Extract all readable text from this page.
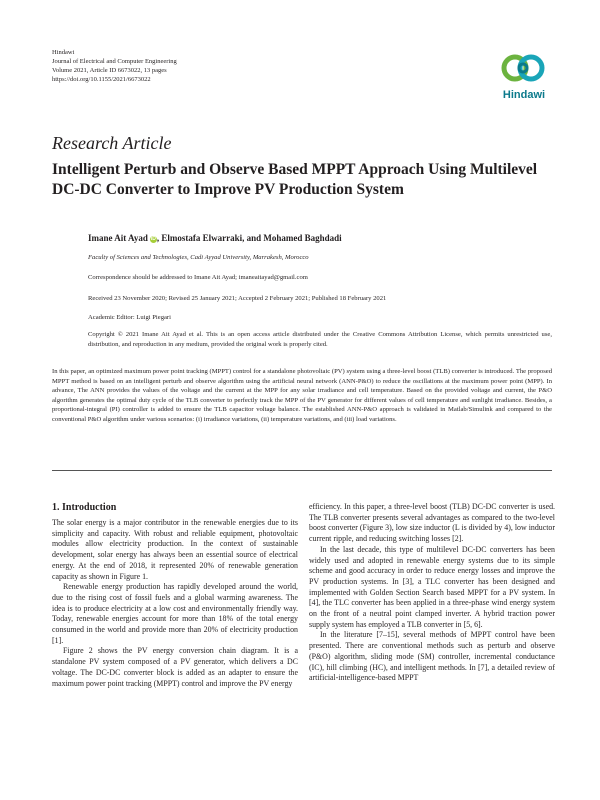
Hindawi
Journal of Electrical and Computer Engineering
Volume 2021, Article ID 6673022, 13 pages
https://doi.org/10.1155/2021/6673022
Hindawi
Research Article
Intelligent Perturb and Observe Based MPPT Approach Using Multilevel DC-DC Converter to Improve PV Production System
Imane Ait Ayad iD, Elmostafa Elwarraki, and Mohamed Baghdadi
Faculty of Sciences and Technologies, Cadi Ayyad University, Marrakesh, Morocco
Correspondence should be addressed to Imane Ait Ayad; imaneaitayad@gmail.com
Received 23 November 2020; Revised 25 January 2021; Accepted 2 February 2021; Published 18 February 2021
Academic Editor: Luigi Piegari
Copyright © 2021 Imane Ait Ayad et al. This is an open access article distributed under the Creative Commons Attribution License, which permits unrestricted use, distribution, and reproduction in any medium, provided the original work is properly cited.
In this paper, an optimized maximum power point tracking (MPPT) control for a standalone photovoltaic (PV) system using a three-level boost (TLB) converter is introduced. The proposed MPPT method is based on an intelligent perturb and observe algorithm using the artificial neural network (ANN-P&O) to reduce the oscillations at the maximum power point (MPP). In advance, The ANN provides the values of the voltage and the current at the MPP for any solar irradiance and cell temperature. Based on the provided voltage and current, the P&O algorithm generates the optimal duty cycle of the TLB converter to perfectly track the MPP of the PV generator for different values of cell temperature and sunlight irradiance. Besides, a proportional-integral (PI) controller is added to ensure the TLB capacitor voltage balance. The established ANN-P&O approach is validated in Matlab/Simulink and compared to the conventional P&O algorithm under various scenarios: (i) irradiance variations, (ii) temperature variations, and (iii) load variations.
1. Introduction

The solar energy is a major contributor in the renewable energies due to its simplicity and capacity. With robust and reliable equipment, photovoltaic modules allow electricity production. In the context of sustainable development, solar energy has always been an essential source of electrical energy. At the end of 2018, it represented 20% of renewable generation capacity as shown in Figure 1.

Renewable energy production has rapidly developed around the world, due to the rising cost of fossil fuels and a global warming awareness. The idea is to produce electricity at a low cost and environmentally friendly way. Today, renewable energies account for more than 18% of the total energy consumed in the world and provide more than 20% of electricity production [1].

Figure 2 shows the PV energy conversion chain diagram. It is a standalone PV system composed of a PV generator, which delivers a DC voltage. The DC-DC converter block is added as an adapter to ensure the maximum power point tracking (MPPT) control and improve the PV energy

efficiency. In this paper, a three-level boost (TLB) DC-DC converter is used. The TLB converter presents several advantages as compared to the two-level boost converter (Figure 3), low size inductor (L is divided by 4), low inductor current ripple, and reducing switching losses [2].

In the last decade, this type of multilevel DC-DC converters has been widely used and adopted in renewable energy systems due to its simple scheme and good accuracy in order to reduce energy losses and improve the PV production systems. In [3], a TLC converter has been designed and implemented with Golden Section Search based MPPT for a PV system. In [4], the TLC converter has been applied in a three-phase wind energy system on the front of a neutral point clamped inverter. A hybrid traction power supply system has employed a TLB converter in [5, 6].

In the literature [7–15], several methods of MPPT control have been presented. There are conventional methods such as perturb and observe (P&O) algorithm, sliding mode (SM) controller, incremental conductance (IC), hill climbing (HC), and intelligent methods. In [7], a detailed review of artificial-intelligence-based MPPT
